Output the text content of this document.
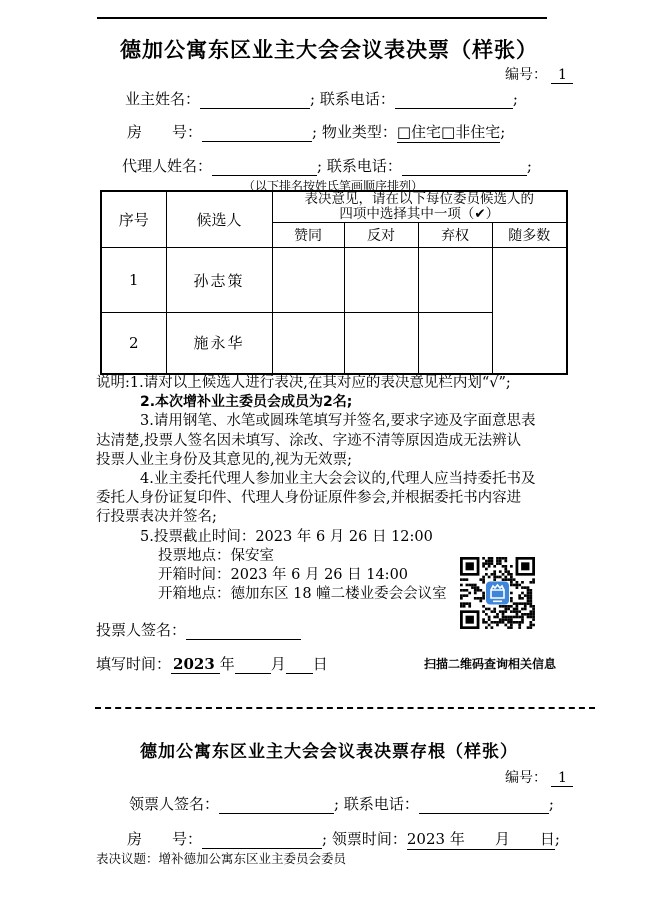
德加公寓东区业主大会会议表决票（样张）
编号： 1
业主姓名：	; 联系电话：	;
房　　号：	; 物业类型：□住宅□非住宅;
代理人姓名：	; 联系电话：	;
（以下排名按姓氏笔画顺序排列）
序号	候选人	表决意见，请在以下每位委员候选人的
四项中选择其中一项（✔）			

		赞同	反对	弃权	随多数
1	孙志策				
2	施永华				
说明:1.请对以上候选人进行表决,在其对应的表决意见栏内划“√”;
2.本次增补业主委员会成员为2名;
3.请用钢笔、水笔或圆珠笔填写并签名,要求字迹及字面意思表
达清楚,投票人签名因未填写、涂改、字迹不清等原因造成无法辨认
投票人业主身份及其意见的,视为无效票;
4.业主委托代理人参加业主大会会议的,代理人应当持委托书及
委托人身份证复印件、代理人身份证原件参会,并根据委托书内容进
行投票表决并签名;
5.投票截止时间：2023 年 6 月 26 日 12:00
投票地点：保安室
开箱时间：2023 年 6 月 26 日 14:00
开箱地点：德加东区 18 幢二楼业委会会议室
投票人签名：
填写时间： 2023 年 月 日	扫描二维码查询相关信息
德加公寓东区业主大会会议表决票存根（样张）
编号： 1
领票人签名：	; 联系电话：	;
房　　号：	; 领票时间：2023 年　　月　　日;
表决议题：增补德加公寓东区业主委员会委员
